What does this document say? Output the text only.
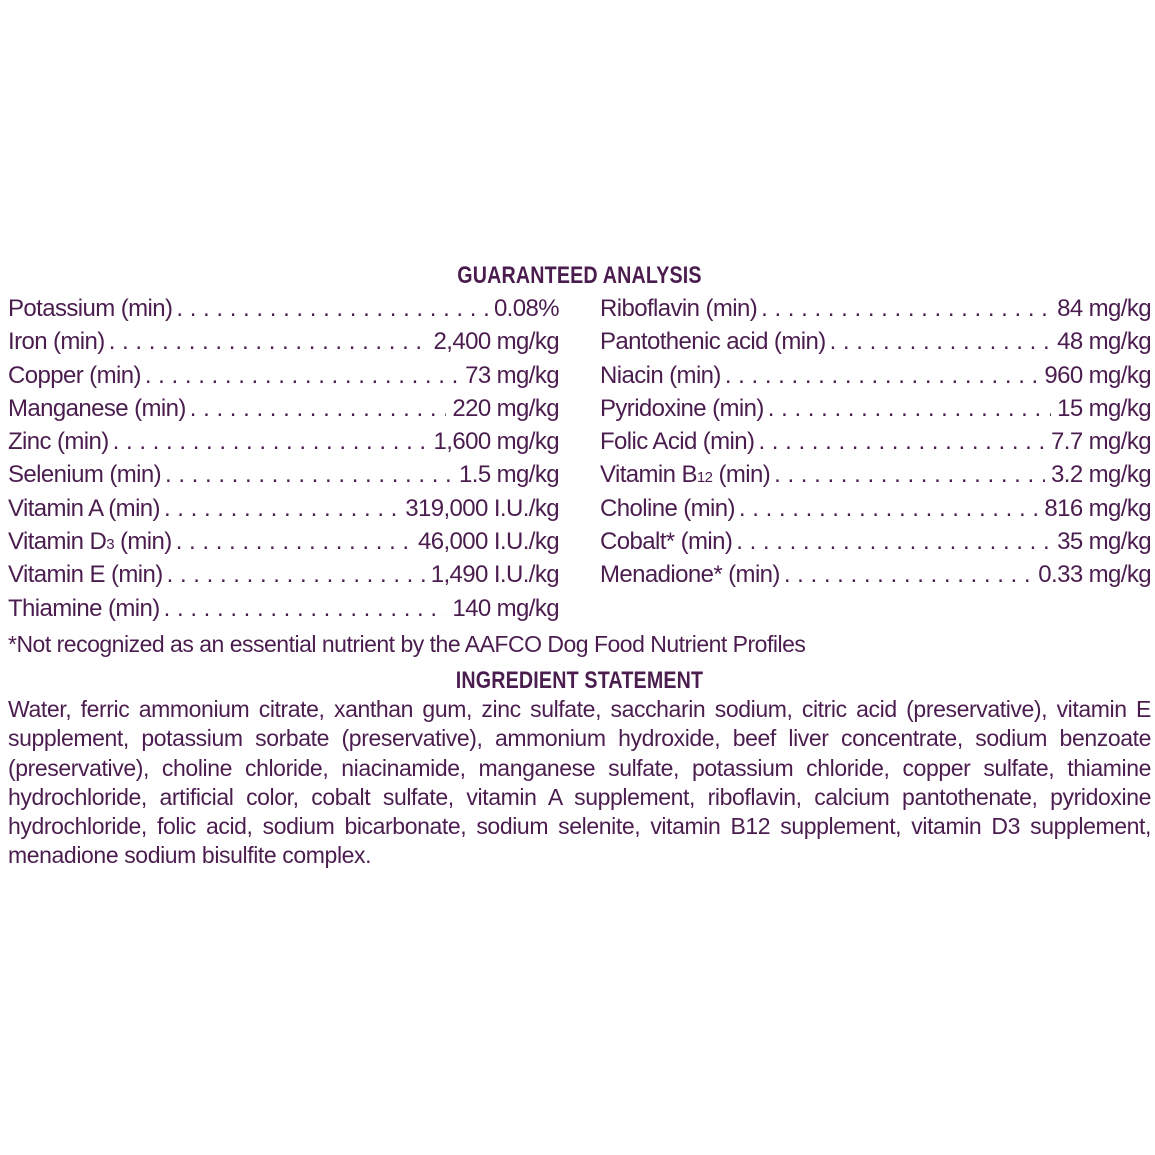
GUARANTEED ANALYSIS
Potassium (min) . . .	0.08%
Iron (min) . . .	2,400 mg/kg
Copper (min) . . .	73 mg/kg
Manganese (min) . . .	220 mg/kg
Zinc (min) . . .	1,600 mg/kg
Selenium (min) . . .	1.5 mg/kg
Vitamin A (min) . . .	319,000 I.U./kg
Vitamin D3 (min) . . .	46,000 I.U./kg
Vitamin E (min) . . .	1,490 I.U./kg
Thiamine (min) . . .	140 mg/kg
Riboflavin (min) . . .	84 mg/kg
Pantothenic acid (min) . . .	48 mg/kg
Niacin (min) . . .	960 mg/kg
Pyridoxine (min) . . .	15 mg/kg
Folic Acid (min) . . .	7.7 mg/kg
Vitamin B12 (min) . . .	3.2 mg/kg
Choline (min) . . .	816 mg/kg
Cobalt* (min) . . .	35 mg/kg
Menadione* (min) . . .	0.33 mg/kg
*Not recognized as an essential nutrient by the AAFCO Dog Food Nutrient Profiles
INGREDIENT STATEMENT
Water, ferric ammonium citrate, xanthan gum, zinc sulfate, saccharin sodium, citric acid (preservative), vitamin E supplement, potassium sorbate (preservative), ammonium hydroxide, beef liver concentrate, sodium benzoate (preservative), choline chloride, niacinamide, manganese sulfate, potassium chloride, copper sulfate, thiamine hydrochloride, artificial color, cobalt sulfate, vitamin A supplement, riboflavin, calcium pantothenate, pyridoxine hydrochloride, folic acid, sodium bicarbonate, sodium selenite, vitamin B12 supplement, vitamin D3 supplement, menadione sodium bisulfite complex.
